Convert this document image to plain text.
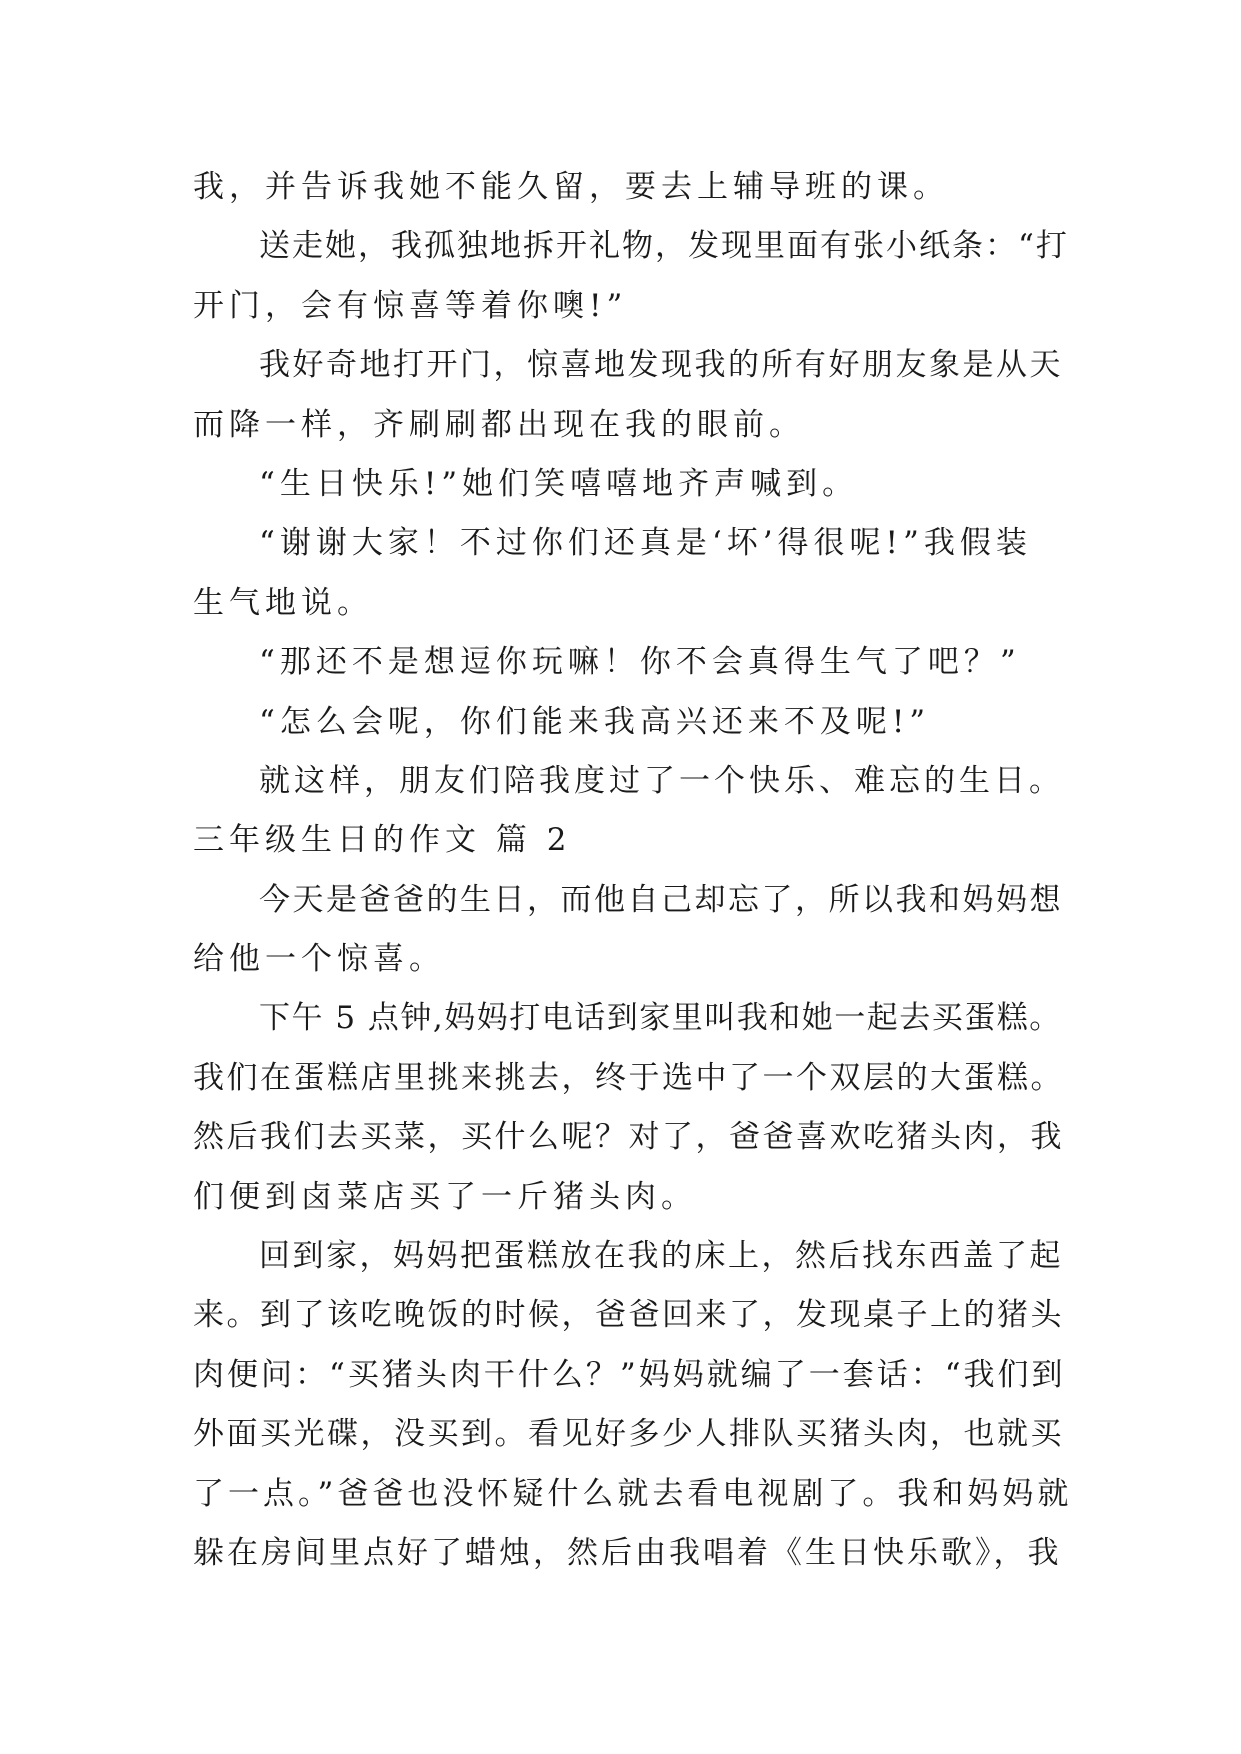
我，并告诉我她不能久留，要去上辅导班的课。
送走她，我孤独地拆开礼物，发现里面有张小纸条：“打
开门，会有惊喜等着你噢!”
我好奇地打开门，惊喜地发现我的所有好朋友象是从天
而降一样，齐刷刷都出现在我的眼前。
“生日快乐!”她们笑嘻嘻地齐声喊到。
“谢谢大家！不过你们还真是‘坏’得很呢!”我假装
生气地说。
“那还不是想逗你玩嘛！你不会真得生气了吧？”
“怎么会呢，你们能来我高兴还来不及呢!”
就这样，朋友们陪我度过了一个快乐、难忘的生日。
三年级生日的作文 篇 2
今天是爸爸的生日，而他自己却忘了，所以我和妈妈想
给他一个惊喜。
下午 5 点钟,妈妈打电话到家里叫我和她一起去买蛋糕。
我们在蛋糕店里挑来挑去，终于选中了一个双层的大蛋糕。
然后我们去买菜，买什么呢？对了，爸爸喜欢吃猪头肉，我
们便到卤菜店买了一斤猪头肉。
回到家，妈妈把蛋糕放在我的床上，然后找东西盖了起
来。到了该吃晚饭的时候，爸爸回来了，发现桌子上的猪头
肉便问：“买猪头肉干什么？”妈妈就编了一套话：“我们到
外面买光碟，没买到。看见好多少人排队买猪头肉，也就买
了一点。”爸爸也没怀疑什么就去看电视剧了。我和妈妈就
躲在房间里点好了蜡烛，然后由我唱着《生日快乐歌》，我
